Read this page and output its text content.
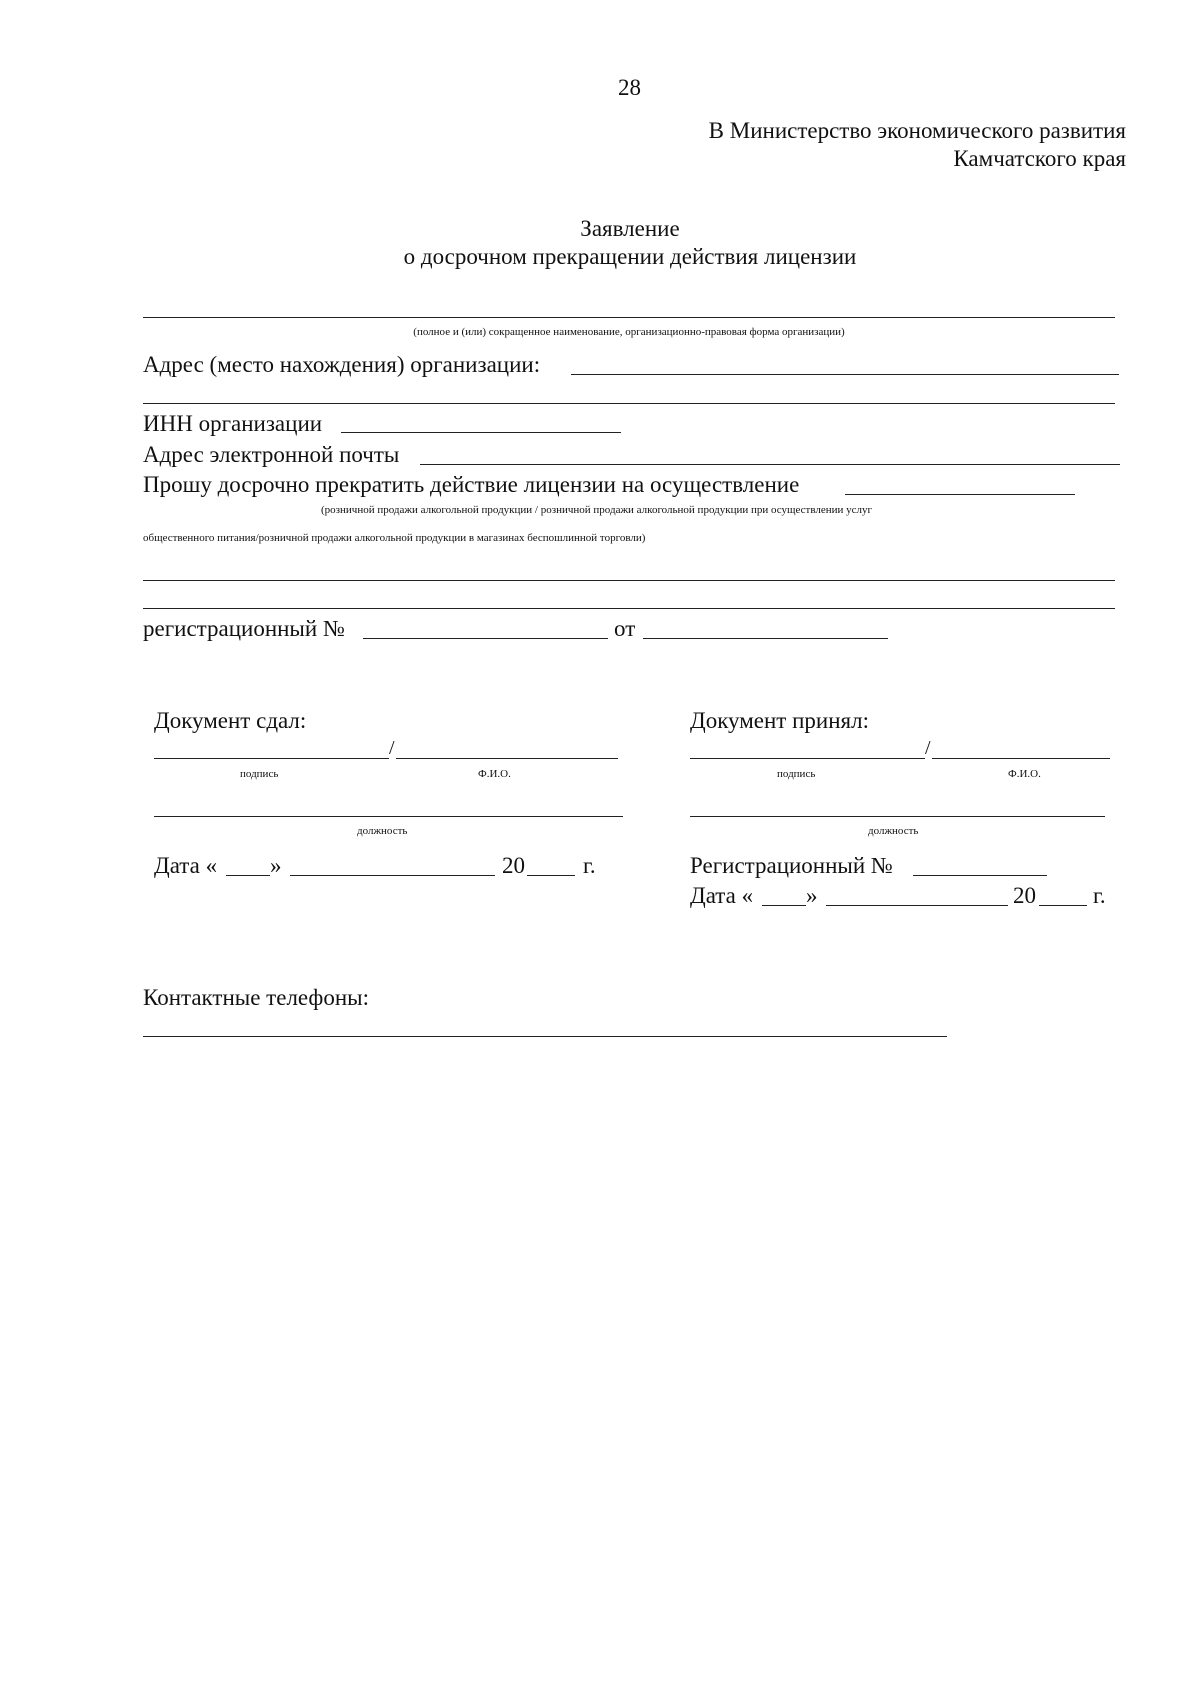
28
В Министерство экономического развития
Камчатского края
Заявление
о досрочном прекращении действия лицензии
(полное и (или) сокращенное наименование, организационно-правовая форма организации)
Адрес (место нахождения) организации:
ИНН организации
Адрес электронной почты
Прошу досрочно прекратить действие лицензии на осуществление
(розничной продажи алкогольной продукции / розничной продажи алкогольной продукции при осуществлении услуг
общественного питания/розничной продажи алкогольной продукции в магазинах беспошлинной торговли)
регистрационный №	от
Документ сдал:
/
подпись	Ф.И.О.
должность
Дата « »	20	г.
Документ принял:
/
подпись	Ф.И.О.
должность
Регистрационный №
Дата « »	20 г.
Контактные телефоны:
